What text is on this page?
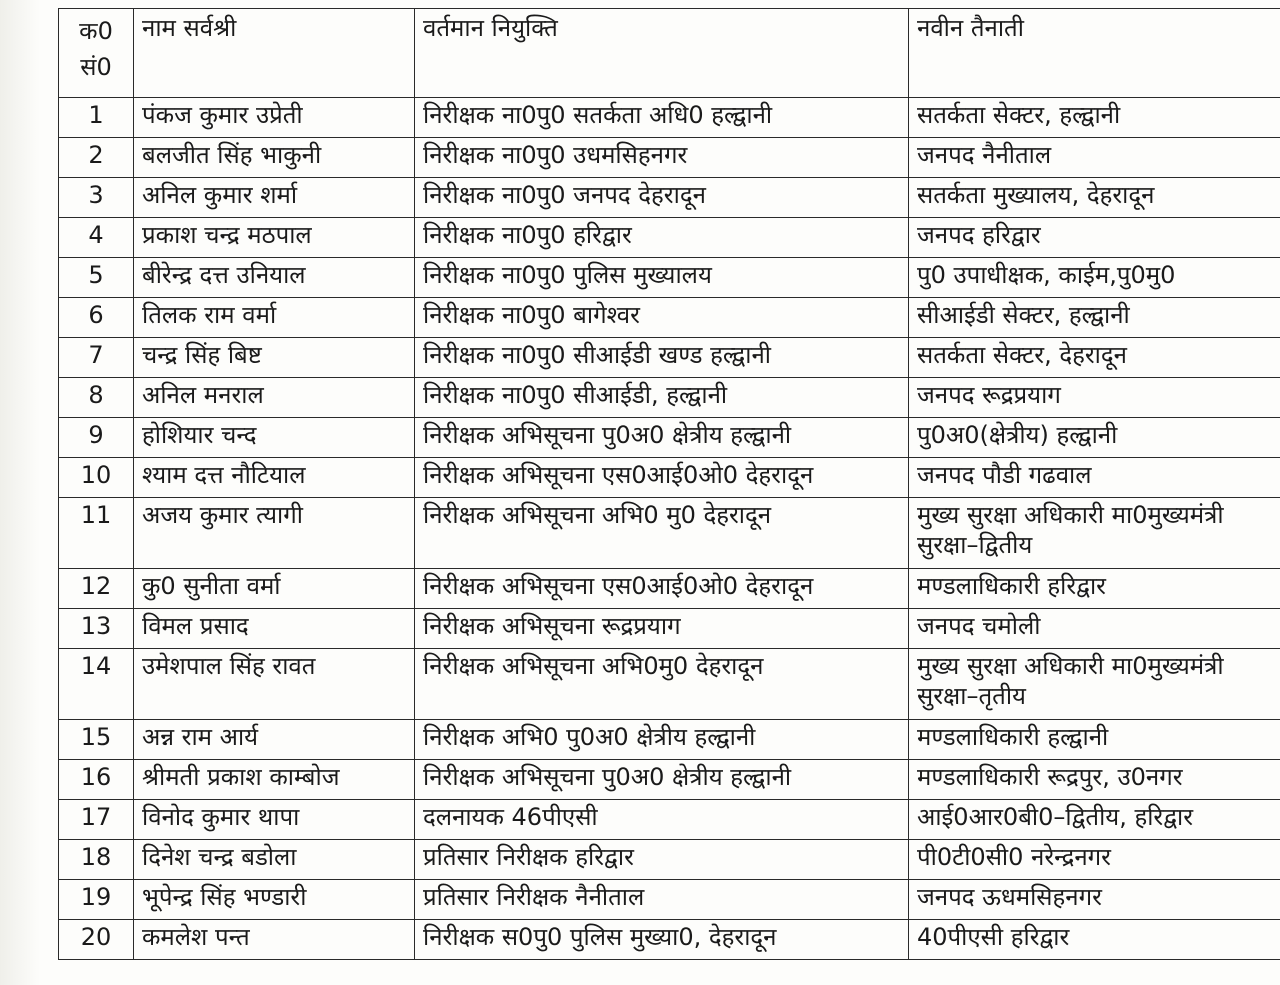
क0 सं0	नाम सर्वश्री	वर्तमान नियुक्ति	नवीन तैनाती
1	पंकज कुमार उप्रेती	निरीक्षक ना0पु0 सतर्कता अधि0 हल्द्वानी	सतर्कता सेक्टर, हल्द्वानी
2	बलजीत सिंह भाकुनी	निरीक्षक ना0पु0 उधमसिहनगर	जनपद नैनीताल
3	अनिल कुमार शर्मा	निरीक्षक ना0पु0 जनपद देहरादून	सतर्कता मुख्यालय, देहरादून
4	प्रकाश चन्द्र मठपाल	निरीक्षक ना0पु0 हरिद्वार	जनपद हरिद्वार
5	बीरेन्द्र दत्त उनियाल	निरीक्षक ना0पु0 पुलिस मुख्यालय	पु0 उपाधीक्षक, काईम,पु0मु0
6	तिलक राम वर्मा	निरीक्षक ना0पु0 बागेश्वर	सीआईडी सेक्टर, हल्द्वानी
7	चन्द्र सिंह बिष्ट	निरीक्षक ना0पु0 सीआईडी खण्ड हल्द्वानी	सतर्कता सेक्टर, देहरादून
8	अनिल मनराल	निरीक्षक ना0पु0 सीआईडी, हल्द्वानी	जनपद रूद्रप्रयाग
9	होशियार चन्द	निरीक्षक अभिसूचना पु0अ0 क्षेत्रीय हल्द्वानी	पु0अ0(क्षेत्रीय) हल्द्वानी
10	श्याम दत्त नौटियाल	निरीक्षक अभिसूचना एस0आई0ओ0 देहरादून	जनपद पौडी गढवाल
11	अजय कुमार त्यागी	निरीक्षक अभिसूचना अभि0 मु0 देहरादून	मुख्य सुरक्षा अधिकारी मा0मुख्यमंत्री सुरक्षा–द्वितीय
12	कु0 सुनीता वर्मा	निरीक्षक अभिसूचना एस0आई0ओ0 देहरादून	मण्डलाधिकारी हरिद्वार
13	विमल प्रसाद	निरीक्षक अभिसूचना रूद्रप्रयाग	जनपद चमोली
14	उमेशपाल सिंह रावत	निरीक्षक अभिसूचना अभि0मु0 देहरादून	मुख्य सुरक्षा अधिकारी मा0मुख्यमंत्री सुरक्षा–तृतीय
15	अन्न राम आर्य	निरीक्षक अभि0 पु0अ0 क्षेत्रीय हल्द्वानी	मण्डलाधिकारी हल्द्वानी
16	श्रीमती प्रकाश काम्बोज	निरीक्षक अभिसूचना पु0अ0 क्षेत्रीय हल्द्वानी	मण्डलाधिकारी रूद्रपुर, उ0नगर
17	विनोद कुमार थापा	दलनायक 46पीएसी	आई0आर0बी0–द्वितीय, हरिद्वार
18	दिनेश चन्द्र बडोला	प्रतिसार निरीक्षक हरिद्वार	पी0टी0सी0 नरेन्द्रनगर
19	भूपेन्द्र सिंह भण्डारी	प्रतिसार निरीक्षक नैनीताल	जनपद ऊधमसिहनगर
20	कमलेश पन्त	निरीक्षक स0पु0 पुलिस मुख्या0, देहरादून	40पीएसी हरिद्वार
